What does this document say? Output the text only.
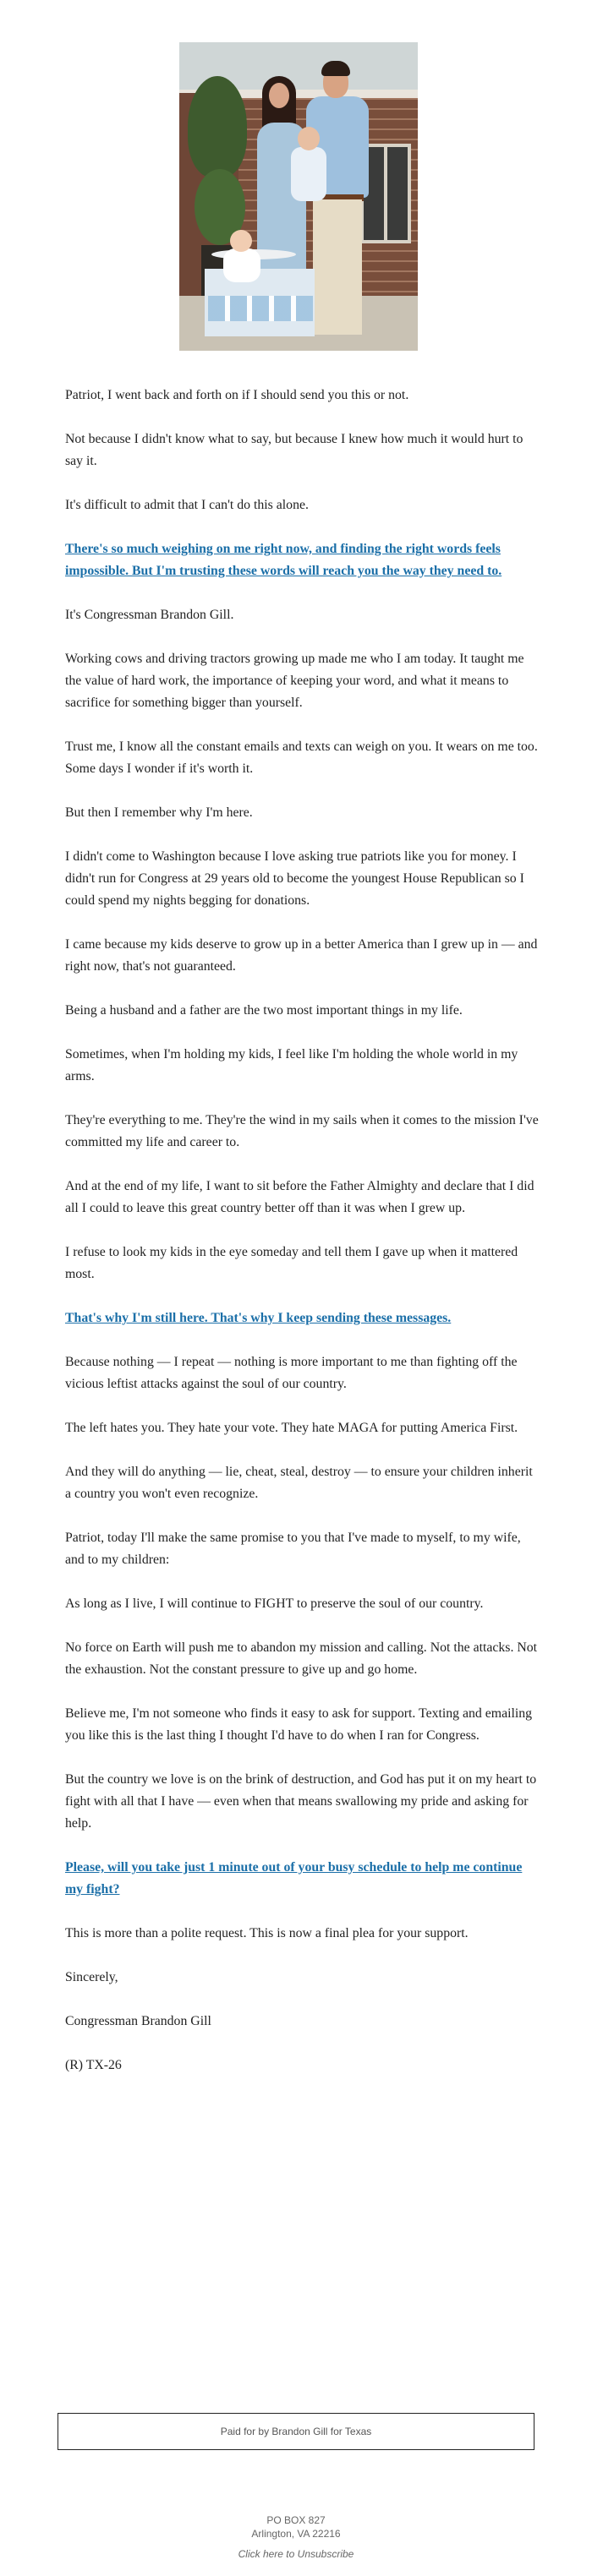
Patriot, I went back and forth on if I should send you this or not.

Not because I didn't know what to say, but because I knew how much it would hurt to say it.

It's difficult to admit that I can't do this alone.

There's so much weighing on me right now, and finding the right words feels impossible. But I'm trusting these words will reach you the way they need to.

It's Congressman Brandon Gill.

Working cows and driving tractors growing up made me who I am today. It taught me the value of hard work, the importance of keeping your word, and what it means to sacrifice for something bigger than yourself.

Trust me, I know all the constant emails and texts can weigh on you. It wears on me too. Some days I wonder if it's worth it.

But then I remember why I'm here.

I didn't come to Washington because I love asking true patriots like you for money. I didn't run for Congress at 29 years old to become the youngest House Republican so I could spend my nights begging for donations.

I came because my kids deserve to grow up in a better America than I grew up in — and right now, that's not guaranteed.

Being a husband and a father are the two most important things in my life.

Sometimes, when I'm holding my kids, I feel like I'm holding the whole world in my arms.

They're everything to me. They're the wind in my sails when it comes to the mission I've committed my life and career to.

And at the end of my life, I want to sit before the Father Almighty and declare that I did all I could to leave this great country better off than it was when I grew up.

I refuse to look my kids in the eye someday and tell them I gave up when it mattered most.

That's why I'm still here. That's why I keep sending these messages.

Because nothing — I repeat — nothing is more important to me than fighting off the vicious leftist attacks against the soul of our country.

The left hates you. They hate your vote. They hate MAGA for putting America First.

And they will do anything — lie, cheat, steal, destroy — to ensure your children inherit a country you won't even recognize.

Patriot, today I'll make the same promise to you that I've made to myself, to my wife, and to my children:

As long as I live, I will continue to FIGHT to preserve the soul of our country.

No force on Earth will push me to abandon my mission and calling. Not the attacks. Not the exhaustion. Not the constant pressure to give up and go home.

Believe me, I'm not someone who finds it easy to ask for support. Texting and emailing you like this is the last thing I thought I'd have to do when I ran for Congress.

But the country we love is on the brink of destruction, and God has put it on my heart to fight with all that I have — even when that means swallowing my pride and asking for help.

Please, will you take just 1 minute out of your busy schedule to help me continue my fight?

This is more than a polite request. This is now a final plea for your support.

Sincerely,

Congressman Brandon Gill

(R) TX-26

Paid for by Brandon Gill for Texas
PO BOX 827
Arlington, VA 22216
Click here to Unsubscribe
